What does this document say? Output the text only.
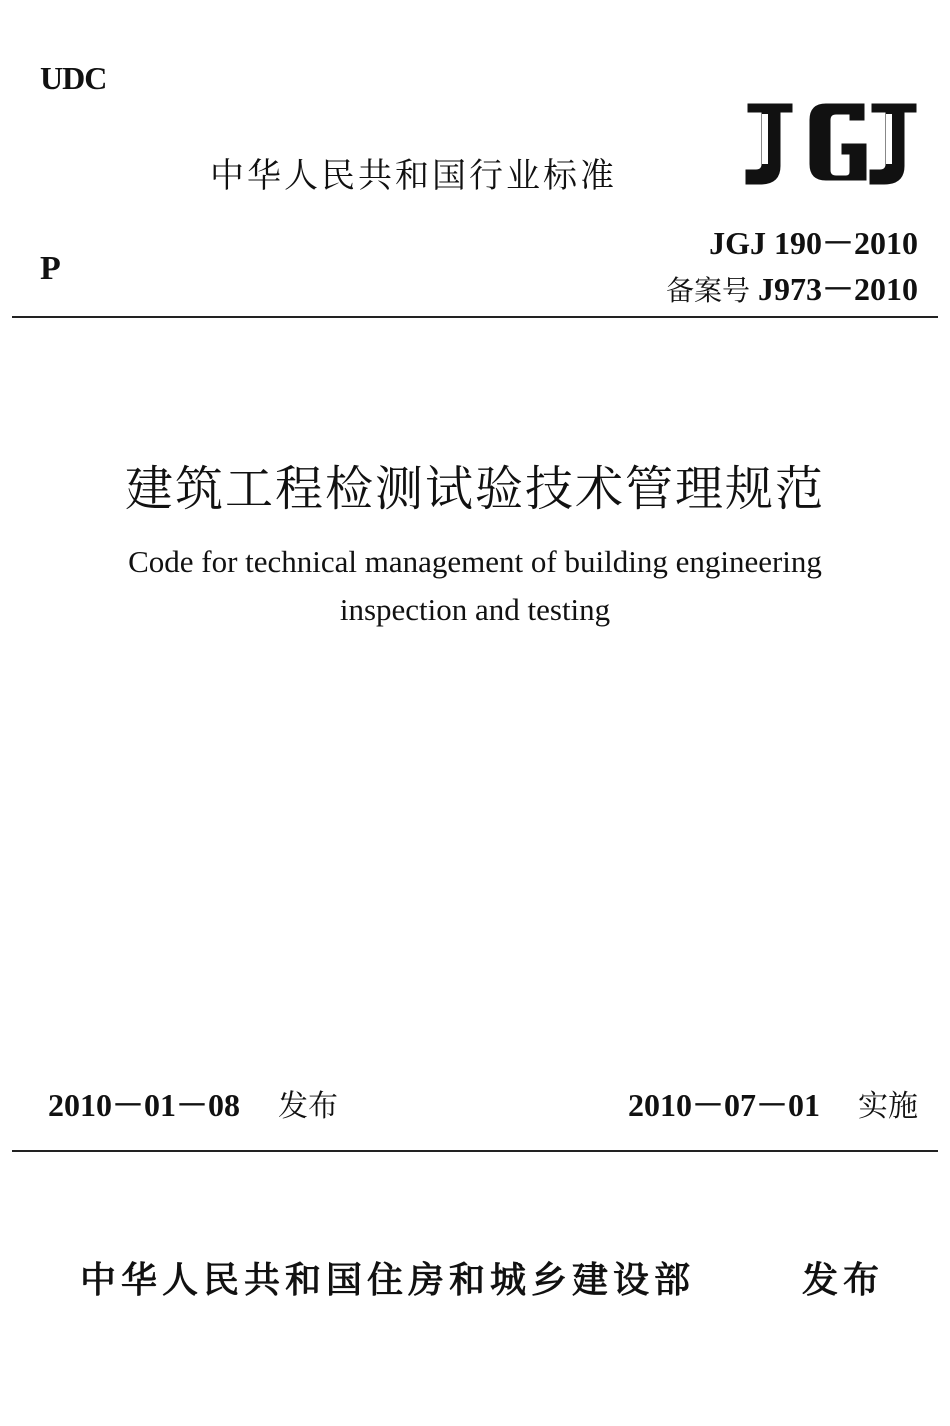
UDC
中华人民共和国行业标准
JGJ 190－2010
备案号 J973－2010
P
建筑工程检测试验技术管理规范
Code for technical management of building engineering
inspection and testing
2010－01－08 发布	2010－07－01 实施
中华人民共和国住房和城乡建设部	发布
